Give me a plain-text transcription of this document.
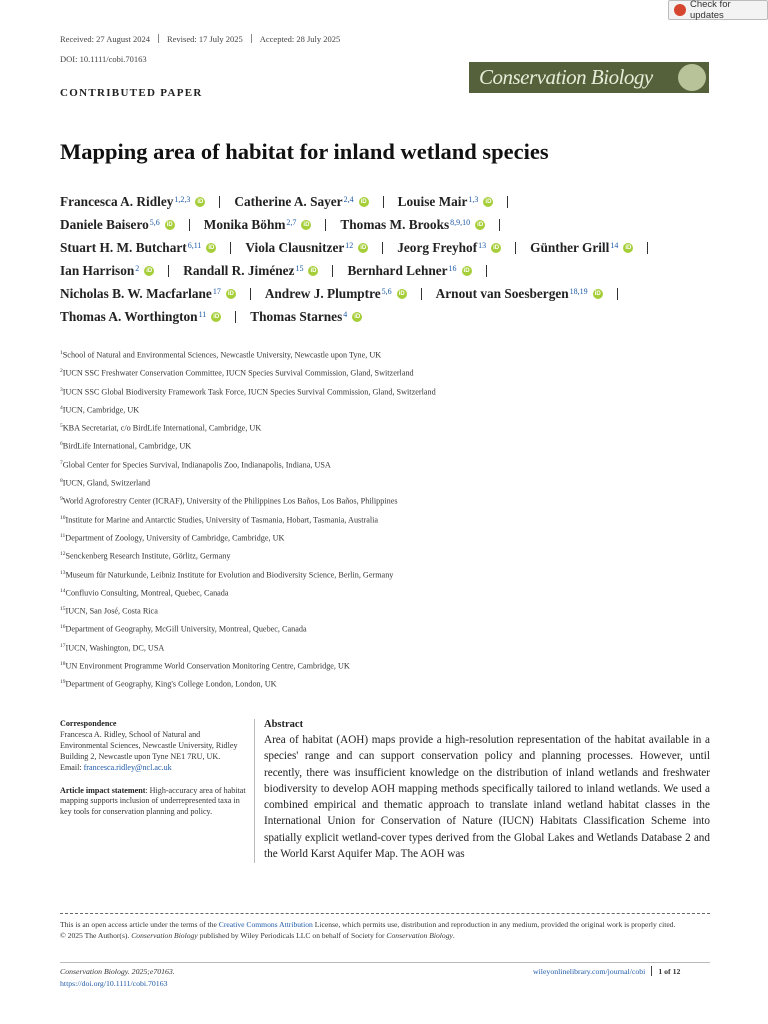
Check for updates
Received: 27 August 2024 Revised: 17 July 2025 Accepted: 28 July 2025
DOI: 10.1111/cobi.70163
CONTRIBUTED PAPER
Conservation Biology
Mapping area of habitat for inland wetland species
Francesca A. Ridley$^{1,2,3}$	iD Catherine A. Sayer$^{2,4}$	iD Louise Mair$^{1,3}$	iD
Daniele Baisero$^{5,6}$	iD Monika Böhm$^{2,7}$	iD Thomas M. Brooks$^{8,9,10}$	iD
Stuart H. M. Butchart$^{6,11}$	iD Viola Clausnitzer$^{12}$	iD Jeorg Freyhof$^{13}$	iD Günther Grill$^{14}$	iD
Ian Harrison$^2$	iD Randall R. Jiménez$^{15}$	iD Bernhard Lehner$^{16}$	iD
Nicholas B. W. Macfarlane$^{17}$	iD Andrew J. Plumptre$^{5,6}$	iD Arnout van Soesbergen$^{18,19}$	iD
Thomas A. Worthington$^{11}$	iD Thomas Starnes$^4$	iD
$^1$School of Natural and Environmental Sciences, Newcastle University, Newcastle upon Tyne, UK
$^2$IUCN SSC Freshwater Conservation Committee, IUCN Species Survival Commission, Gland, Switzerland
$^3$IUCN SSC Global Biodiversity Framework Task Force, IUCN Species Survival Commission, Gland, Switzerland
$^4$IUCN, Cambridge, UK
$^5$KBA Secretariat, c/o BirdLife International, Cambridge, UK
$^6$BirdLife International, Cambridge, UK
$^7$Global Center for Species Survival, Indianapolis Zoo, Indianapolis, Indiana, USA
$^8$IUCN, Gland, Switzerland
$^9$World Agroforestry Center (ICRAF), University of the Philippines Los Baños, Los Baños, Philippines
$^{10}$Institute for Marine and Antarctic Studies, University of Tasmania, Hobart, Tasmania, Australia
$^{11}$Department of Zoology, University of Cambridge, Cambridge, UK
$^{12}$Senckenberg Research Institute, Görlitz, Germany
$^{13}$Museum für Naturkunde, Leibniz Institute for Evolution and Biodiversity Science, Berlin, Germany
$^{14}$Confluvio Consulting, Montreal, Quebec, Canada
$^{15}$IUCN, San José, Costa Rica
$^{16}$Department of Geography, McGill University, Montreal, Quebec, Canada
$^{17}$IUCN, Washington, DC, USA
$^{18}$UN Environment Programme World Conservation Monitoring Centre, Cambridge, UK
$^{19}$Department of Geography, King's College London, London, UK
Correspondence
Francesca A. Ridley, School of Natural and Environmental Sciences, Newcastle University, Ridley Building 2, Newcastle upon Tyne NE1 7RU, UK.
Email: francesca.ridley@ncl.ac.uk
Article impact statement: High-accuracy area of habitat mapping supports inclusion of underrepresented taxa in key tools for conservation planning and policy.
Abstract

Area of habitat (AOH) maps provide a high-resolution representation of the habitat available in a species' range and can support conservation policy and planning processes. However, until recently, there was insufficient knowledge on the distribution of inland wetlands and freshwater biodiversity to develop AOH mapping methods specifically tailored to inland wetlands. We used a combined empirical and thematic approach to translate inland wetland habitat classes in the International Union for Conservation of Nature (IUCN) Habitats Classification Scheme into spatially explicit wetland-cover types derived from the Global Lakes and Wetlands Database 2 and the World Karst Aquifer Map. The AOH was

This is an open access article under the terms of the Creative Commons Attribution License, which permits use, distribution and reproduction in any medium, provided the original work is properly cited.
© 2025 The Author(s). Conservation Biology published by Wiley Periodicals LLC on behalf of Society for Conservation Biology.
Conservation Biology. 2025;e70163.
https://doi.org/10.1111/cobi.70163
wileyonlinelibrary.com/journal/cobi 1 of 12
